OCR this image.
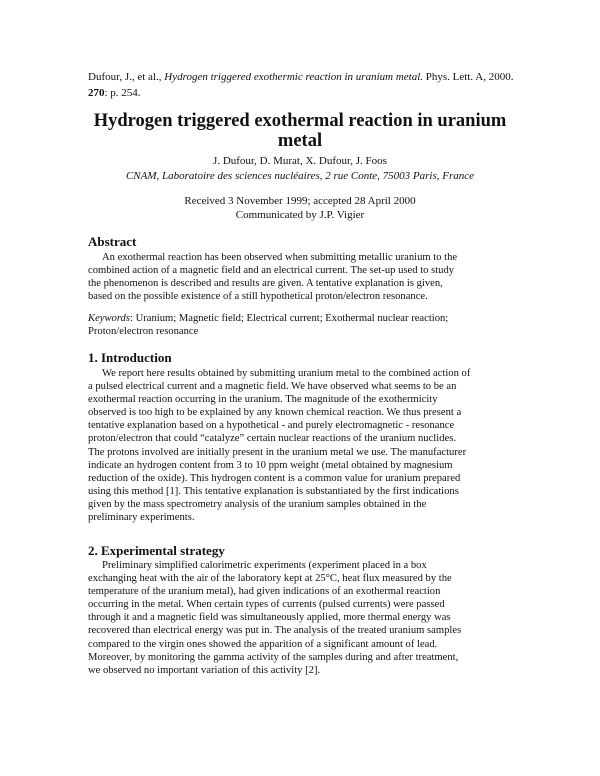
Dufour, J., et al., Hydrogen triggered exothermic reaction in uranium metal. Phys. Lett. A, 2000. 270: p. 254.
Hydrogen triggered exothermal reaction in uranium
metal
J. Dufour, D. Murat, X. Dufour, J. Foos
CNAM, Laboratoire des sciences nucléaires, 2 rue Conte, 75003 Paris, France
Received 3 November 1999; accepted 28 April 2000
Communicated by J.P. Vigier
Abstract

An exothermal reaction has been observed when submitting metallic uranium to the
combined action of a magnetic field and an electrical current. The set-up used to study
the phenomenon is described and results are given. A tentative explanation is given,
based on the possible existence of a still hypothetical proton/electron resonance.

Keywords: Uranium; Magnetic field; Electrical current; Exothermal nuclear reaction;
Proton/electron resonance

1. Introduction

We report here results obtained by submitting uranium metal to the combined action of
a pulsed electrical current and a magnetic field. We have observed what seems to be an
exothermal reaction occurring in the uranium. The magnitude of the exothermicity
observed is too high to be explained by any known chemical reaction. We thus present a
tentative explanation based on a hypothetical - and purely electromagnetic - resonance
proton/electron that could “catalyze” certain nuclear reactions of the uranium nuclides.
The protons involved are initially present in the uranium metal we use. The manufacturer
indicate an hydrogen content from 3 to 10 ppm weight (metal obtained by magnesium
reduction of the oxide). This hydrogen content is a common value for uranium prepared
using this method [1]. This tentative explanation is substantiated by the first indications
given by the mass spectrometry analysis of the uranium samples obtained in the
preliminary experiments.

2. Experimental strategy

Preliminary simplified calorimetric experiments (experiment placed in a box
exchanging heat with the air of the laboratory kept at 25°C, heat flux measured by the
temperature of the uranium metal), had given indications of an exothermal reaction
occurring in the metal. When certain types of currents (pulsed currents) were passed
through it and a magnetic field was simultaneously applied, more thermal energy was
recovered than electrical energy was put in. The analysis of the treated uranium samples
compared to the virgin ones showed the apparition of a significant amount of lead.
Moreover, by monitoring the gamma activity of the samples during and after treatment,
we observed no important variation of this activity [2].
